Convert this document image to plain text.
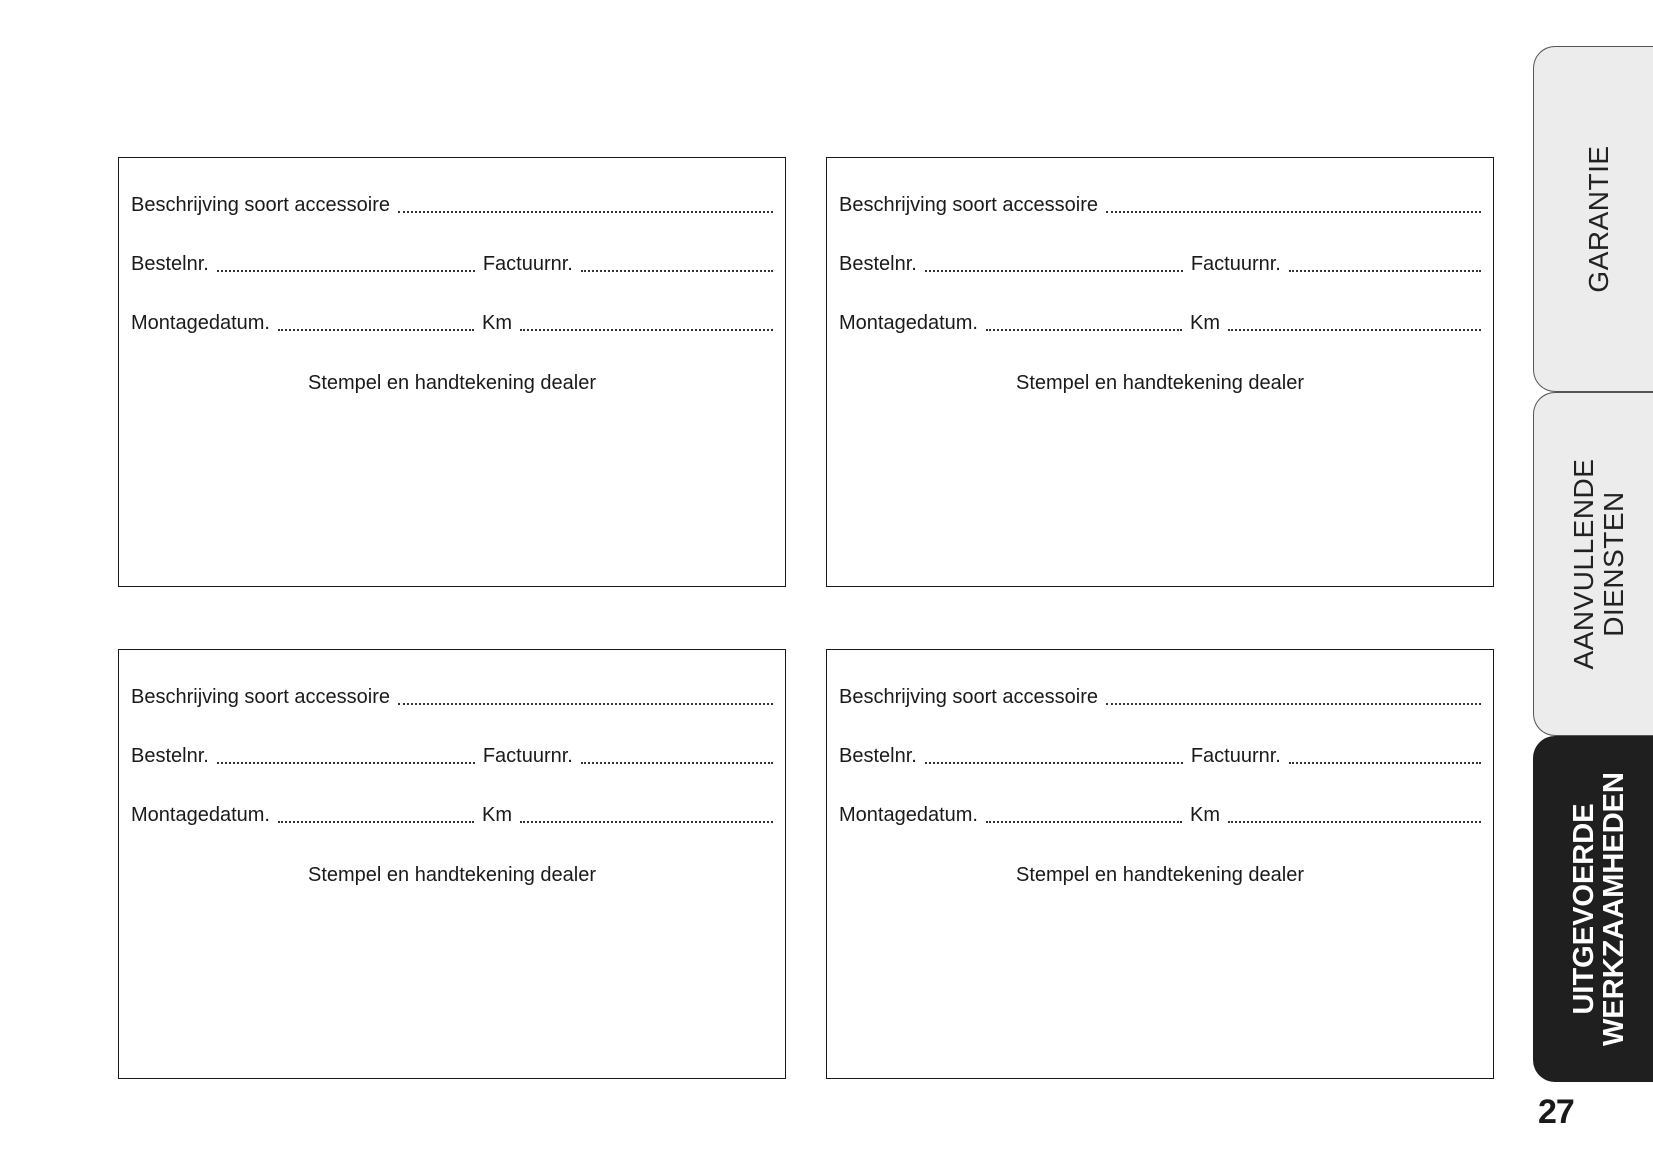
Beschrijving soort accessoire
Bestelnr.	Factuurnr.
Montagedatum.	Km
Stempel en handtekening dealer
Beschrijving soort accessoire
Bestelnr.	Factuurnr.
Montagedatum.	Km
Stempel en handtekening dealer
Beschrijving soort accessoire
Bestelnr.	Factuurnr.
Montagedatum.	Km
Stempel en handtekening dealer
Beschrijving soort accessoire
Bestelnr.	Factuurnr.
Montagedatum.	Km
Stempel en handtekening dealer
GARANTIE
AANVULLENDE DIENSTEN
UITGEVOERDE
WERKZAAMHEDEN
27
